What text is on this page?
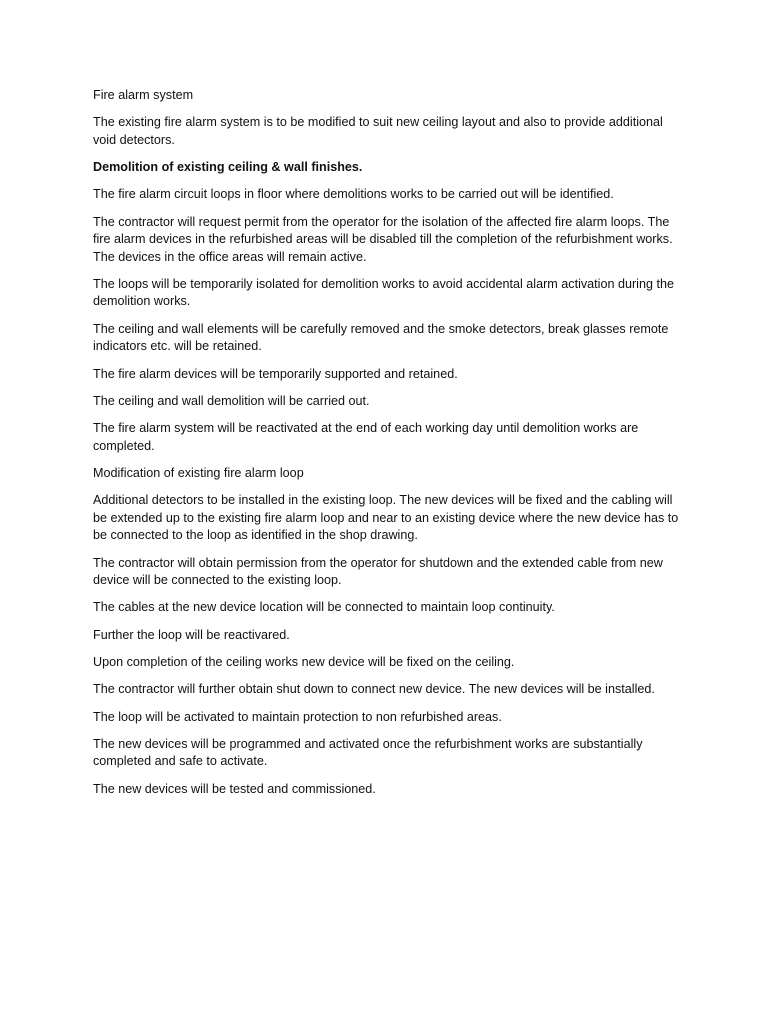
Fire alarm system

The existing fire alarm system is to be modified to suit new ceiling layout and also to provide additional void detectors.

Demolition of existing ceiling & wall finishes.

The fire alarm circuit loops in floor where demolitions works to be carried out will be identified.

The contractor will request permit from the operator for the isolation of the affected fire alarm loops. The fire alarm devices in the refurbished areas will be disabled till the completion of the refurbishment works. The devices in the office areas will remain active.

The loops will be temporarily isolated for demolition works to avoid accidental alarm activation during the demolition works.

The ceiling and wall elements will be carefully removed and the smoke detectors, break glasses remote indicators etc. will be retained.

The fire alarm devices will be temporarily supported and retained.

The ceiling and wall demolition will be carried out.

The fire alarm system will be reactivated at the end of each working day until demolition works are completed.

Modification of existing fire alarm loop

Additional detectors to be installed in the existing loop. The new devices will be fixed and the cabling will be extended up to the existing fire alarm loop and near to an existing device where the new device has to be connected to the loop as identified in the shop drawing.

The contractor will obtain permission from the operator for shutdown and the extended cable from new device will be connected to the existing loop.

The cables at the new device location will be connected to maintain loop continuity.

Further the loop will be reactivared.

Upon completion of the ceiling works new device will be fixed on the ceiling.

The contractor will further obtain shut down to connect new device. The new devices will be installed.

The loop will be activated to maintain protection to non refurbished areas.

The new devices will be programmed and activated once the refurbishment works are substantially completed and safe to activate.

The new devices will be tested and commissioned.
